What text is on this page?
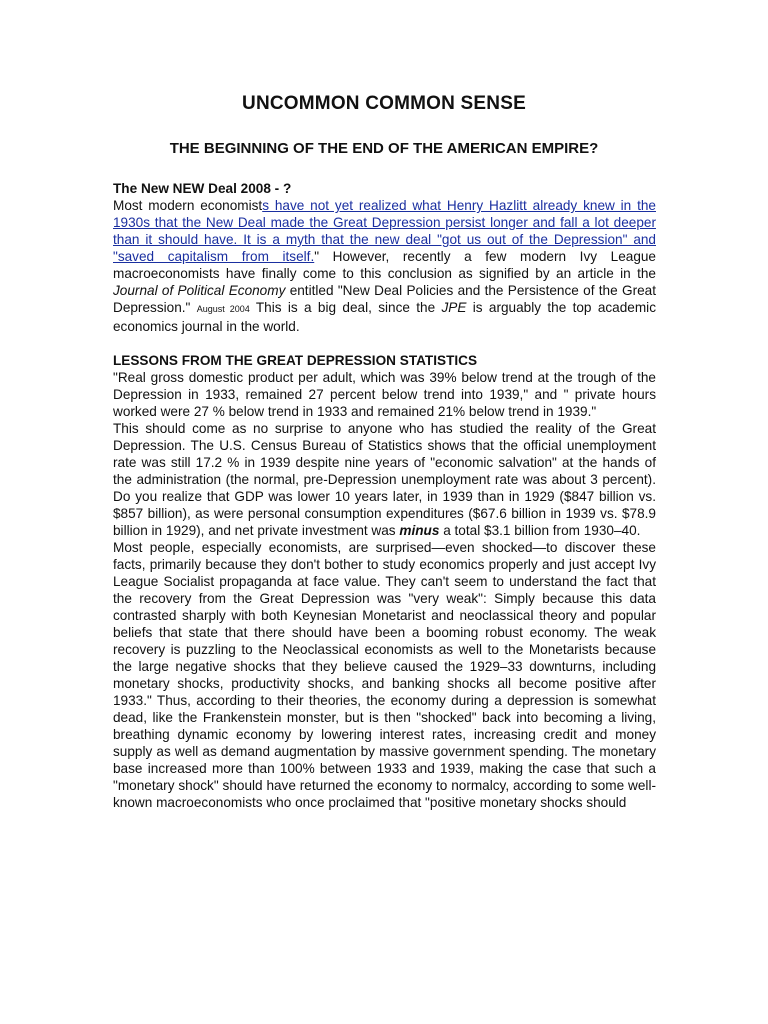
UNCOMMON COMMON SENSE
THE BEGINNING OF THE END OF THE AMERICAN EMPIRE?
The New NEW Deal 2008 - ?

Most modern economists have not yet realized what Henry Hazlitt already knew in the 1930s that the New Deal made the Great Depression persist longer and fall a lot deeper than it should have. It is a myth that the new deal "got us out of the Depression" and "saved capitalism from itself." However, recently a few modern Ivy League macroeconomists have finally come to this conclusion as signified by an article in the Journal of Political Economy entitled "New Deal Policies and the Persistence of the Great Depression." August 2004 This is a big deal, since the JPE is arguably the top academic economics journal in the world.

LESSONS FROM THE GREAT DEPRESSION STATISTICS

"Real gross domestic product per adult, which was 39% below trend at the trough of the Depression in 1933, remained 27 percent below trend into 1939," and " private hours worked were 27 % below trend in 1933 and remained 21% below trend in 1939."

This should come as no surprise to anyone who has studied the reality of the Great Depression. The U.S. Census Bureau of Statistics shows that the official unemployment rate was still 17.2 % in 1939 despite nine years of "economic salvation" at the hands of the administration (the normal, pre-Depression unemployment rate was about 3 percent). Do you realize that GDP was lower 10 years later, in 1939 than in 1929 ($847 billion vs. $857 billion), as were personal consumption expenditures ($67.6 billion in 1939 vs. $78.9 billion in 1929), and net private investment was minus a total $3.1 billion from 1930–40.

Most people, especially economists, are surprised—even shocked—to discover these facts, primarily because they don't bother to study economics properly and just accept Ivy League Socialist propaganda at face value. They can't seem to understand the fact that the recovery from the Great Depression was "very weak": Simply because this data contrasted sharply with both Keynesian Monetarist and neoclassical theory and popular beliefs that state that there should have been a booming robust economy. The weak recovery is puzzling to the Neoclassical economists as well to the Monetarists because the large negative shocks that they believe caused the 1929–33 downturns, including monetary shocks, productivity shocks, and banking shocks all become positive after 1933." Thus, according to their theories, the economy during a depression is somewhat dead, like the Frankenstein monster, but is then "shocked" back into becoming a living, breathing dynamic economy by lowering interest rates, increasing credit and money supply as well as demand augmentation by massive government spending. The monetary base increased more than 100% between 1933 and 1939, making the case that such a "monetary shock" should have returned the economy to normalcy, according to some well-known macroeconomists who once proclaimed that "positive monetary shocks should
